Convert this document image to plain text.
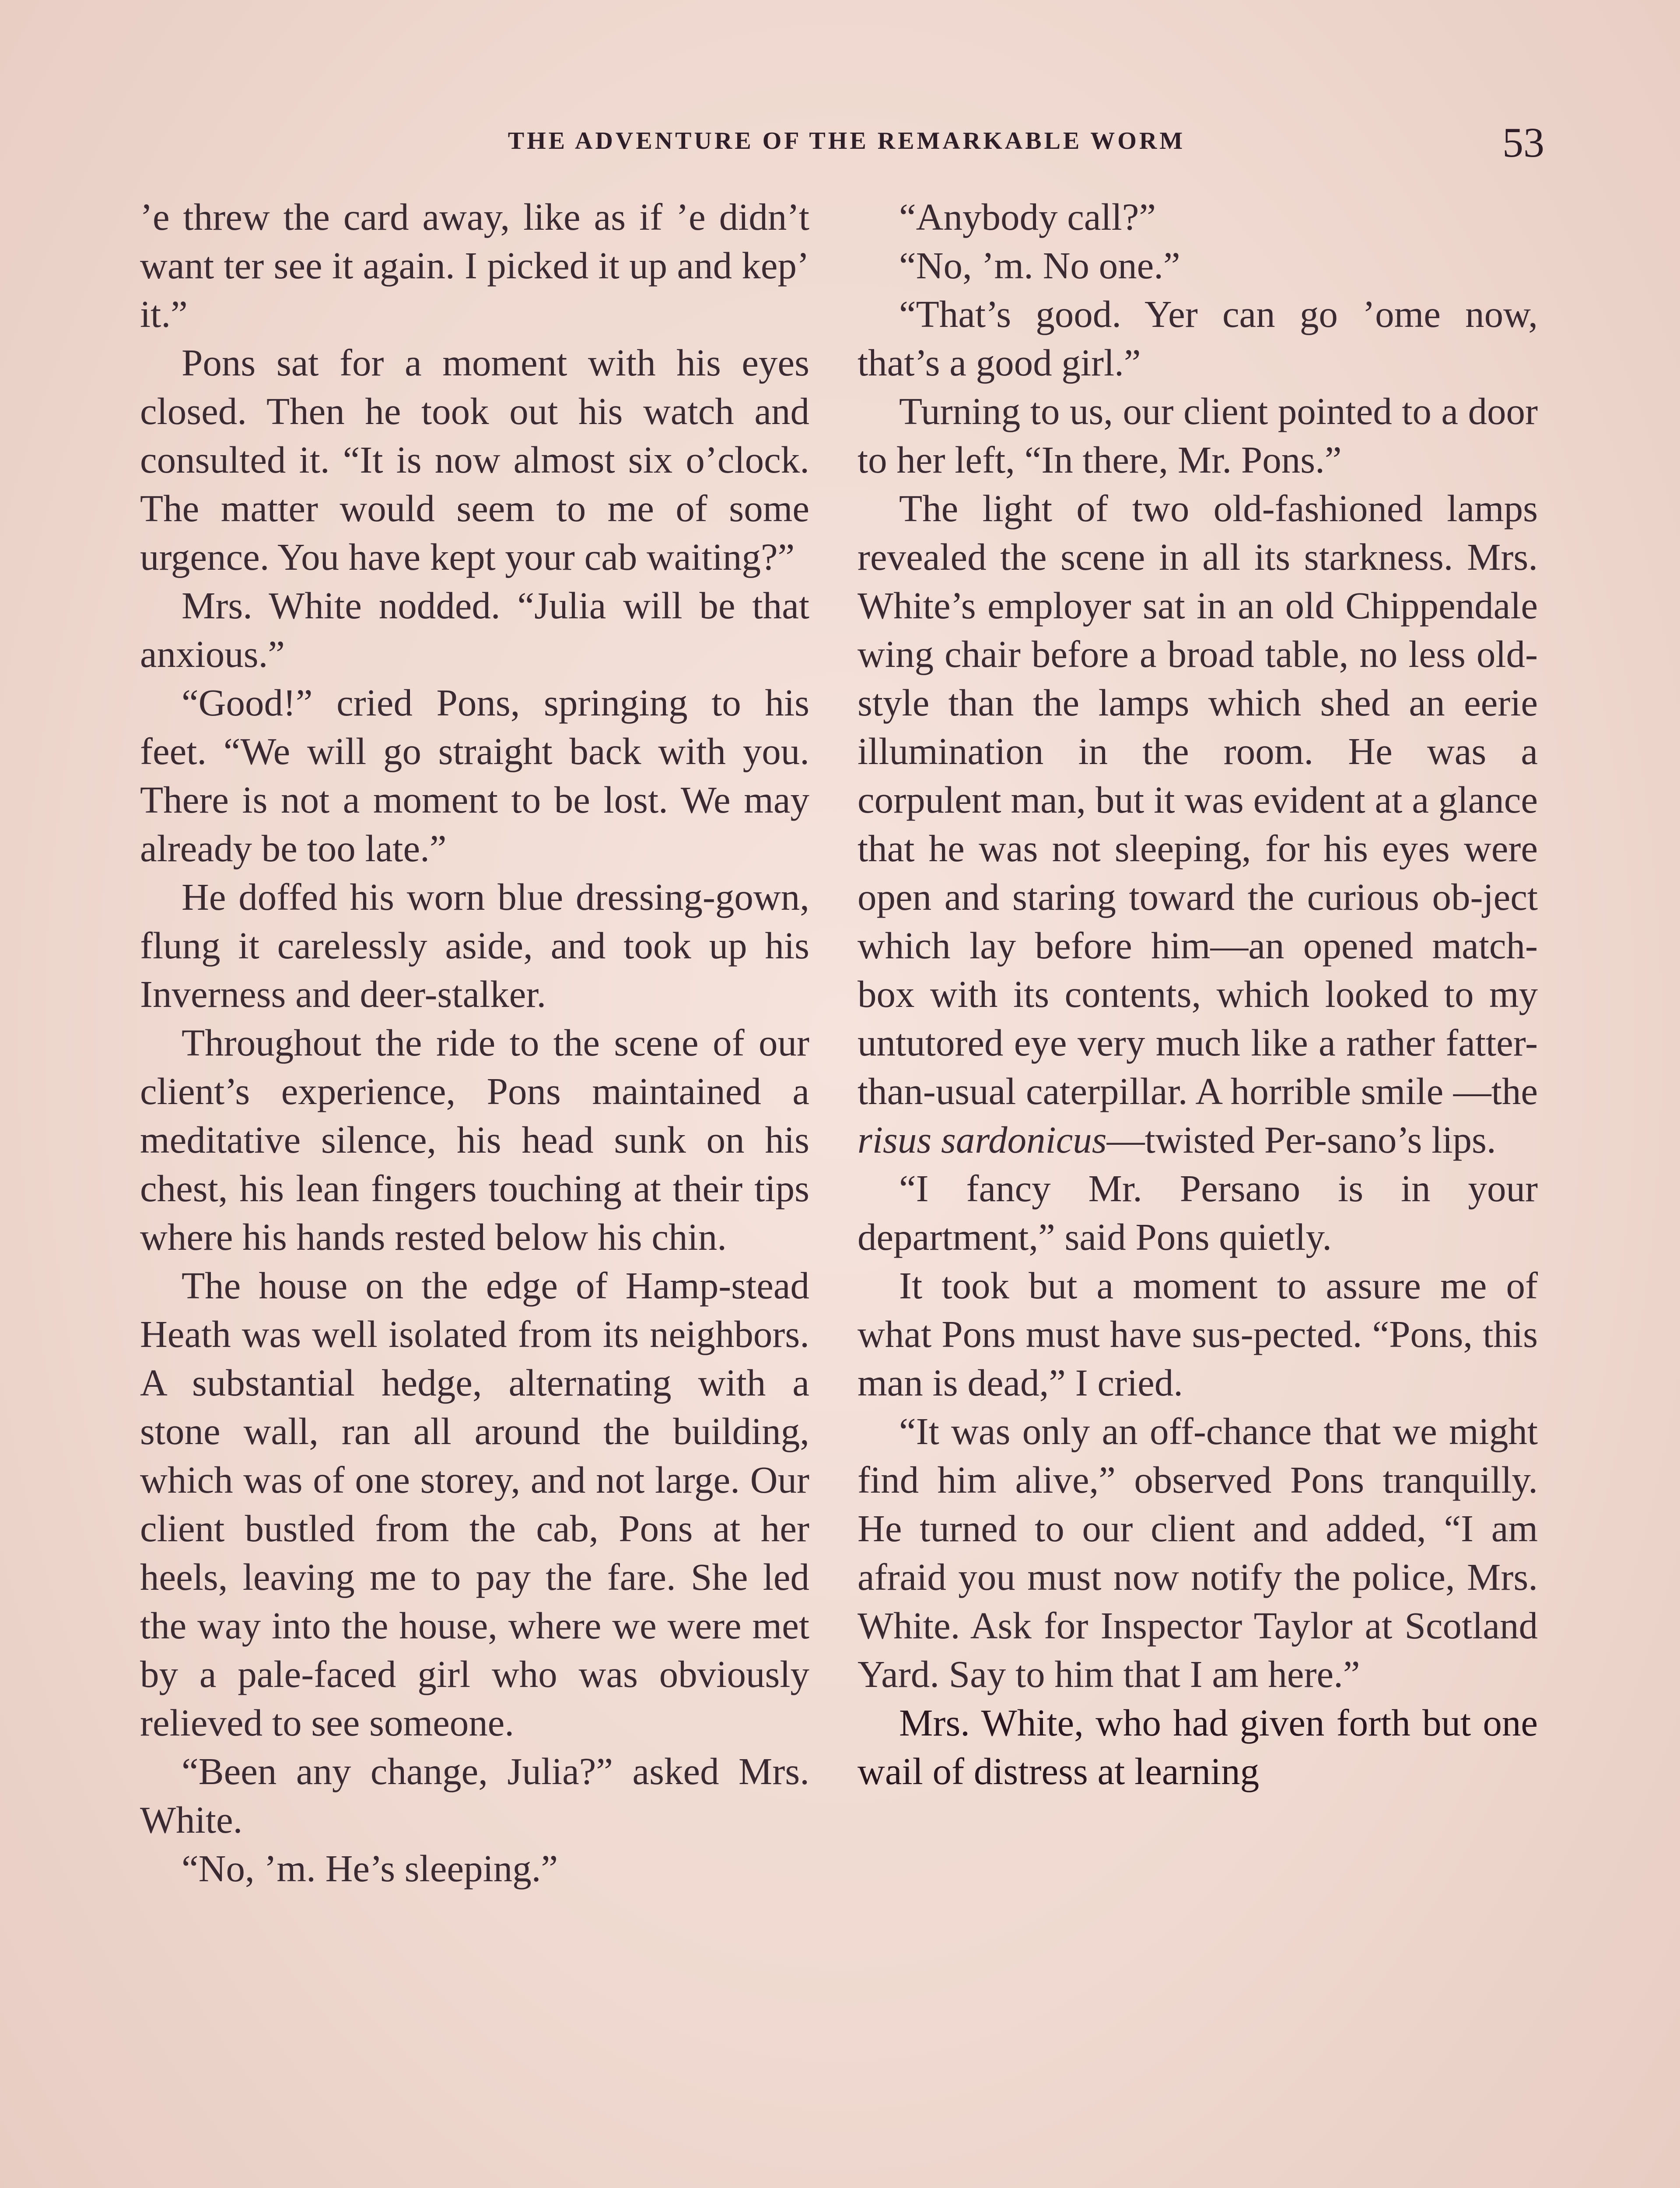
THE ADVENTURE OF THE REMARKABLE WORM	53

’e threw the card away, like as if ’e didn’t want ter see it again. I picked it up and kep’ it.”

Pons sat for a moment with his eyes closed. Then he took out his watch and consulted it. “It is now almost six o’clock. The matter would seem to me of some urgence. You have kept your cab waiting?”

Mrs. White nodded. “Julia will be that anxious.”

“Good!” cried Pons, springing to his feet. “We will go straight back with you. There is not a moment to be lost. We may already be too late.”

He doffed his worn blue dressing-gown, flung it carelessly aside, and took up his Inverness and deer-stalker.

Throughout the ride to the scene of our client’s experience, Pons maintained a meditative silence, his head sunk on his chest, his lean fingers touching at their tips where his hands rested below his chin.

The house on the edge of Hamp-stead Heath was well isolated from its neighbors. A substantial hedge, alternating with a stone wall, ran all around the building, which was of one storey, and not large. Our client bustled from the cab, Pons at her heels, leaving me to pay the fare. She led the way into the house, where we were met by a pale-faced girl who was obviously relieved to see someone.

“Been any change, Julia?” asked Mrs. White.

“No, ’m. He’s sleeping.”

“Anybody call?”

“No, ’m. No one.”

“That’s good. Yer can go ’ome now, that’s a good girl.”

Turning to us, our client pointed to a door to her left, “In there, Mr. Pons.”

The light of two old-fashioned lamps revealed the scene in all its starkness. Mrs. White’s employer sat in an old Chippendale wing chair before a broad table, no less old-style than the lamps which shed an eerie illumination in the room. He was a corpulent man, but it was evident at a glance that he was not sleeping, for his eyes were open and staring toward the curious ob-ject which lay before him—an opened match-box with its contents, which looked to my untutored eye very much like a rather fatter-than-usual caterpillar. A horrible smile —the risus sardonicus—twisted Per-sano’s lips.

“I fancy Mr. Persano is in your department,” said Pons quietly.

It took but a moment to assure me of what Pons must have sus-pected. “Pons, this man is dead,” I cried.

“It was only an off-chance that we might find him alive,” observed Pons tranquilly. He turned to our client and added, “I am afraid you must now notify the police, Mrs. White. Ask for Inspector Taylor at Scotland Yard. Say to him that I am here.”

Mrs. White, who had given forth but one wail of distress at learning
